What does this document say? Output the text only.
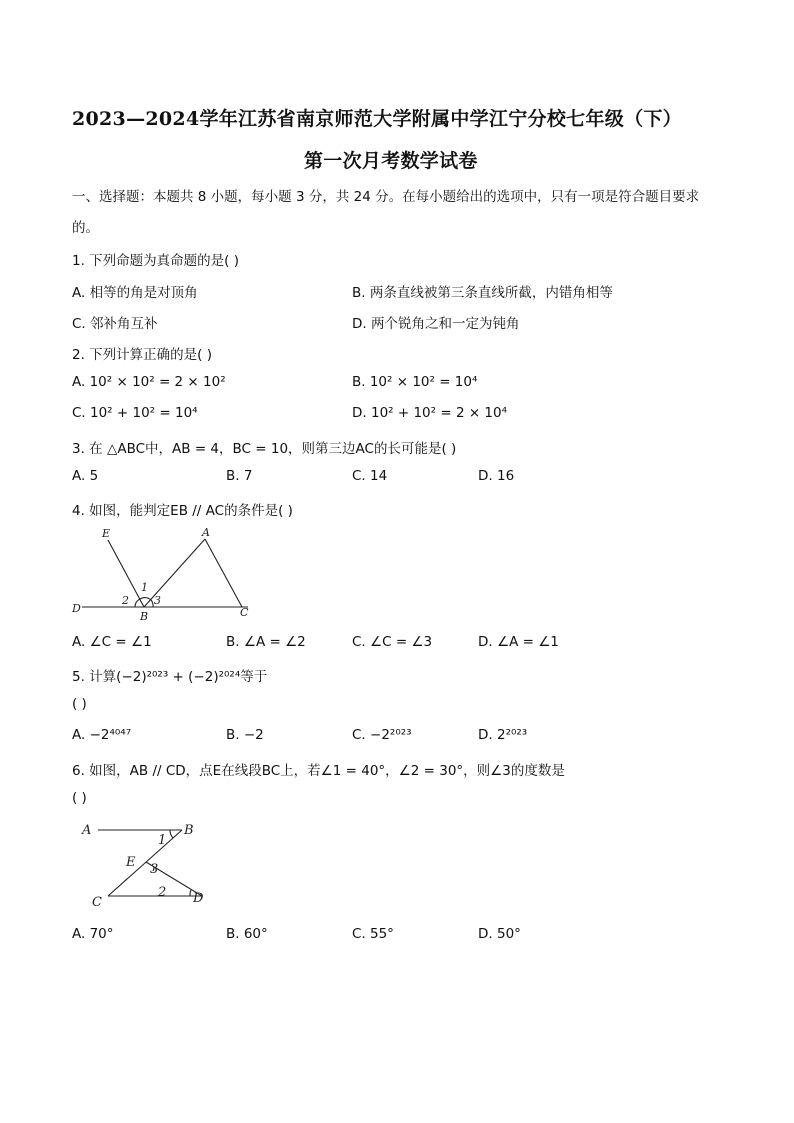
2023—2024学年江苏省南京师范大学附属中学江宁分校七年级（下）
第一次月考数学试卷
一、选择题：本题共 8 小题，每小题 3 分，共 24 分。在每小题给出的选项中，只有一项是符合题目要求
的。
1. 下列命题为真命题的是( )
A. 相等的角是对顶角	B. 两条直线被第三条直线所截，内错角相等
C. 邻补角互补	D. 两个锐角之和一定为钝角
2. 下列计算正确的是( )
A. 10² × 10² = 2 × 10²	B. 10² × 10² = 10⁴
C. 10² + 10² = 10⁴	D. 10² + 10² = 2 × 10⁴
3. 在 △ABC中，AB = 4，BC = 10，则第三边AC的长可能是( )
A. 5	B. 7	C. 14	D. 16
4. 如图，能判定EB // AC的条件是( )
E	A
D
B	C
1
2 3
A. ∠C = ∠1	B. ∠A = ∠2	C. ∠C = ∠3	D. ∠A = ∠1
5. 计算(−2)²⁰²³ + (−2)²⁰²⁴等于
( )
A. −2⁴⁰⁴⁷	B. −2	C. −2²⁰²³	D. 2²⁰²³
6. 如图，AB // CD，点E在线段BC上，若∠1 = 40°，∠2 = 30°，则∠3的度数是
( )
A	B
E
C	D
1
3
2
A. 70°	B. 60°	C. 55°	D. 50°
